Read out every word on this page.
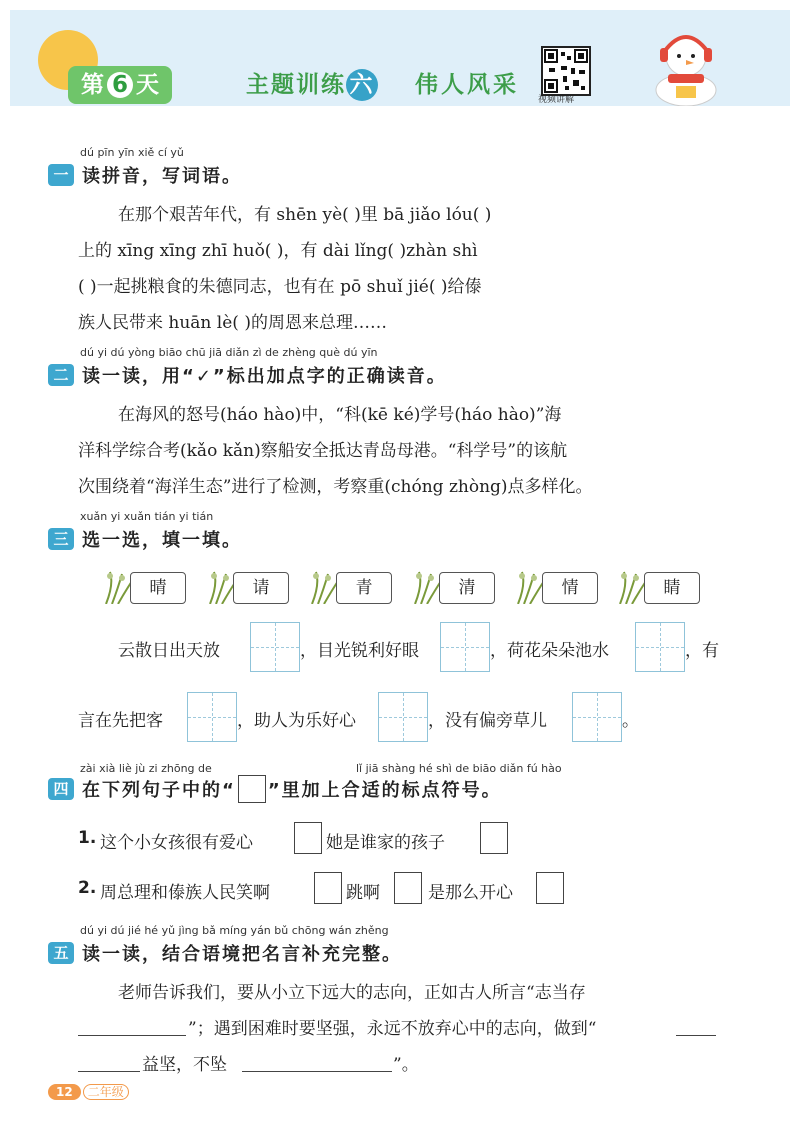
第 6 天	主题训练 六 伟人风采
视频讲解
dú pīn yīn xiě cí yǔ
一 读拼音，写词语。
在那个艰苦年代，有 shēn yè( )里 bā jiǎo lóu( )
上的 xīng xīng zhī huǒ( )，有 dài lǐng( )zhàn shì
( )一起挑粮食的朱德同志，也有在 pō shuǐ jié( )给傣
族人民带来 huān lè( )的周恩来总理……
dú yi dú yòng biāo chū jiā diǎn zì de zhèng què dú yīn
二 读一读，用“✓”标出加点字的正确读音。
在海风的怒号(háo hào)中，“科(kē ké)学号(háo hào)”海
洋科学综合考(kǎo kǎn)察船安全抵达青岛母港。“科学号”的该航
次围绕着“海洋生态”进行了检测，考察重(chóng zhòng)点多样化。
xuǎn yi xuǎn tián yi tián
三 选一选，填一填。
晴	请	青	清	情	睛
云散日出天放	，目光锐利好眼	，荷花朵朵池水	，有
言在先把客	，助人为乐好心	，没有偏旁草儿	。
zài xià liè jù zi zhōng de	lǐ jiā shàng hé shì de biāo diǎn fú hào
四 在下列句子中的“ ”里加上合适的标点符号。
1. 这个小女孩很有爱心	她是谁家的孩子
2. 周总理和傣族人民笑啊	跳啊	是那么开心
dú yi dú jié hé yǔ jìng bǎ míng yán bǔ chōng wán zhěng
五 读一读，结合语境把名言补充完整。
老师告诉我们，要从小立下远大的志向，正如古人所言“志当存
”；遇到困难时要坚强，永远不放弃心中的志向，做到“
益坚，不坠	”。
12 二年级
